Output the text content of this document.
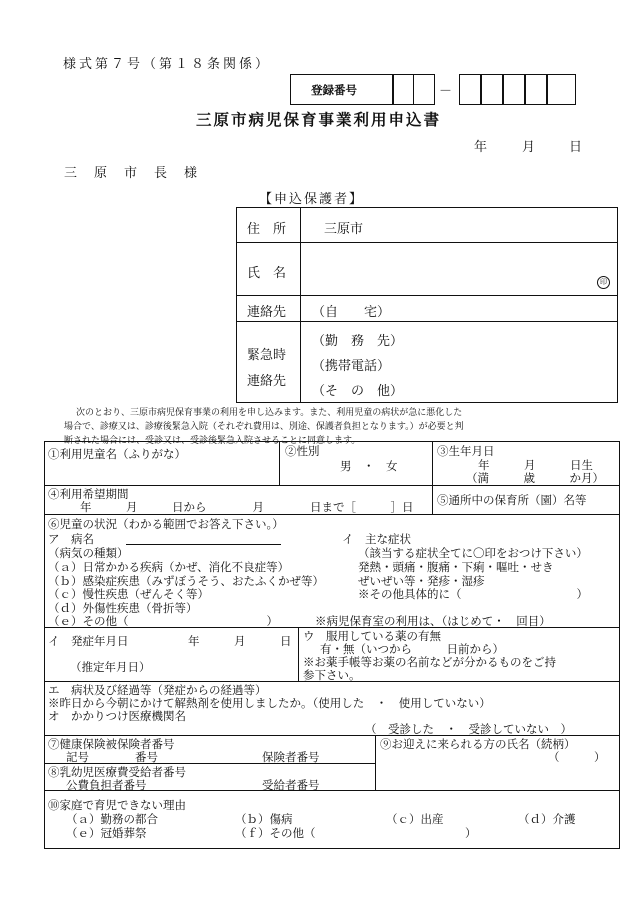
様式第７号（第１８条関係）
登録番号	－
三原市病児保育事業利用申込書
年	月	日
三　原　市　長　様
【申込保護者】
住　所	三原市
氏　名
印
連絡先 （自　　宅）
緊急時
連絡先
（勤　務　先）
（携帯電話）
（そ　の　他）
次のとおり、三原市病児保育事業の利用を申し込みます。また、利用児童の病状が急に悪化した
場合で、診療又は、診療後緊急入院（それぞれ費用は、別途、保護者負担となります。）が必要と判
断された場合には、受診又は、受診後緊急入院させることに同意します。
①利用児童名（ふりがな）	②性別
男　・　女
③生年月日
年　　　月　　　日生
（満　　　歳　　　か月）
④利用希望期間
年　　　月　　　日から　　　　月　　　　日まで［　　　］日 ⑤通所中の保育所（園）名等
⑥児童の状況（わかる範囲でお答え下さい。）
ア　病名	イ　主な症状
（病気の種類）	（該当する症状全てに〇印をおつけ下さい）
（ａ）日常かかる疾病（かぜ、消化不良症等）	発熱・頭痛・腹痛・下痢・嘔吐・せき
（ｂ）感染症疾患（みずぼうそう、おたふくかぜ等）	ぜいぜい等・発疹・湿疹
（ｃ）慢性疾患（ぜんそく等）	※その他具体的に（　　　　　　　　　　）
（ｄ）外傷性疾患（骨折等）
（ｅ）その他（　　　　　　　　　　　　）	※病児保育室の利用は、（はじめて・　回目）
イ　発症年月日	年　　　月　　　日
（推定年月日）
ウ　服用している薬の有無
有・無（いつから　　　日前から）
※お薬手帳等お薬の名前などが分かるものをご持
参下さい。
エ　病状及び経過等（発症からの経過等）
※昨日から今朝にかけて解熱剤を使用しましたか。（使用した　・　使用していない）
オ　かかりつけ医療機関名
（　受診した　・　受診していない　）
⑦健康保険被保険者番号
記号　　　　番号	保険者番号
⑨お迎えに来られる方の氏名（続柄）
（　　　）
⑧乳幼児医療費受給者番号
公費負担者番号	受給者番号
⑩家庭で育児できない理由
（ａ）勤務の都合	（ｂ）傷病	（ｃ）出産	（ｄ）介護
（ｅ）冠婚葬祭	（ｆ）その他（　　　　　　　　　　　　　）
